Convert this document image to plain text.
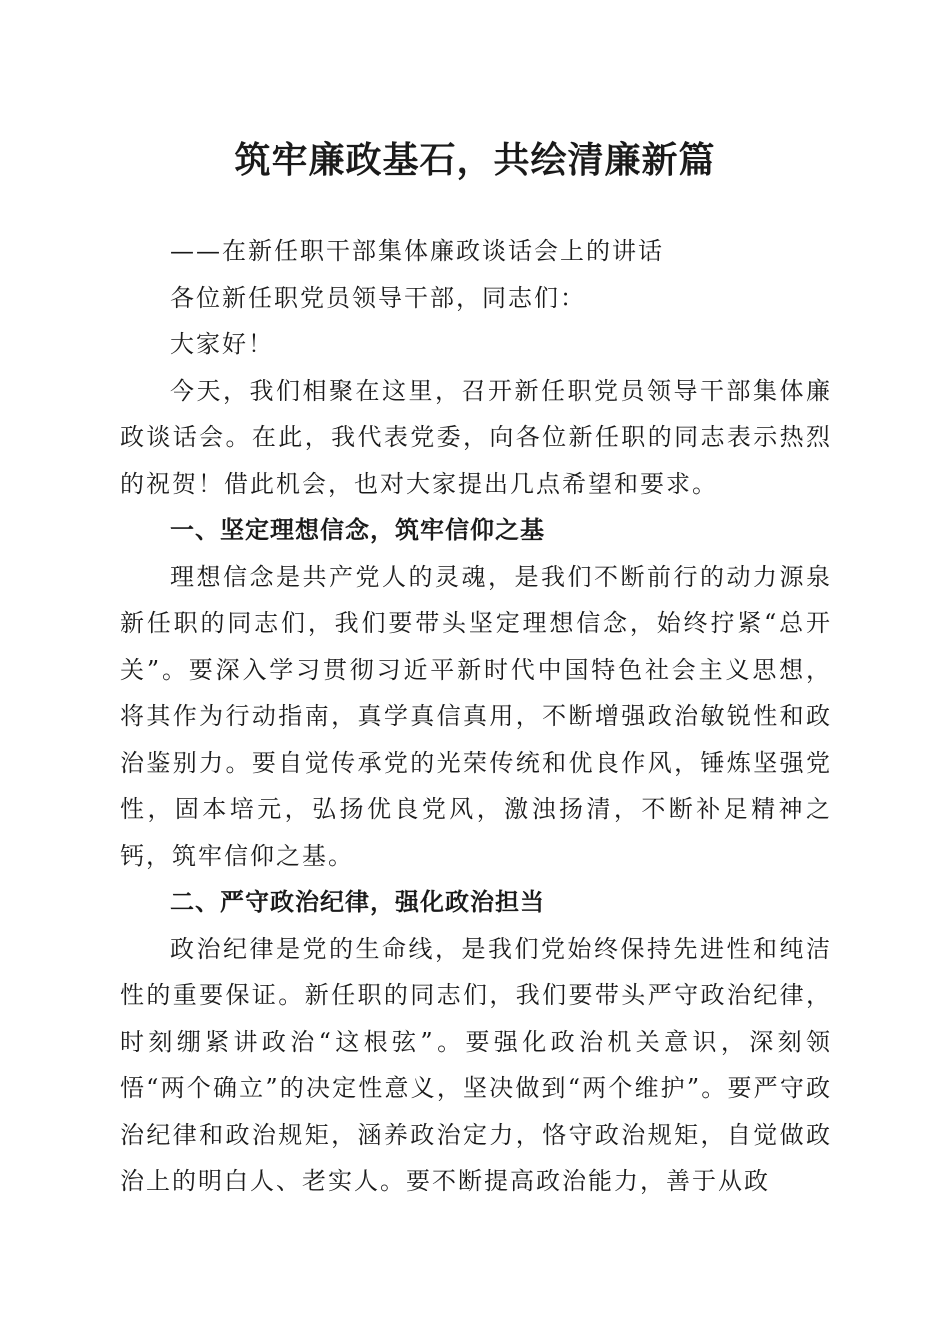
筑牢廉政基石，共绘清廉新篇

——在新任职干部集体廉政谈话会上的讲话

各位新任职党员领导干部，同志们：

大家好！

今天，我们相聚在这里，召开新任职党员领导干部集体廉政谈话会。在此，我代表党委，向各位新任职的同志表示热烈的祝贺！借此机会，也对大家提出几点希望和要求。

一、坚定理想信念，筑牢信仰之基

理想信念是共产党人的灵魂，是我们不断前行的动力源泉新任职的同志们，我们要带头坚定理想信念，始终拧紧“总开关”。要深入学习贯彻习近平新时代中国特色社会主义思想，将其作为行动指南，真学真信真用，不断增强政治敏锐性和政治鉴别力。要自觉传承党的光荣传统和优良作风，锤炼坚强党性，固本培元，弘扬优良党风，激浊扬清，不断补足精神之钙，筑牢信仰之基。

二、严守政治纪律，强化政治担当

政治纪律是党的生命线，是我们党始终保持先进性和纯洁性的重要保证。新任职的同志们，我们要带头严守政治纪律，时刻绷紧讲政治“这根弦”。要强化政治机关意识，深刻领悟“两个确立”的决定性意义，坚决做到“两个维护”。要严守政治纪律和政治规矩，涵养政治定力，恪守政治规矩，自觉做政治上的明白人、老实人。要不断提高政治能力，善于从政
